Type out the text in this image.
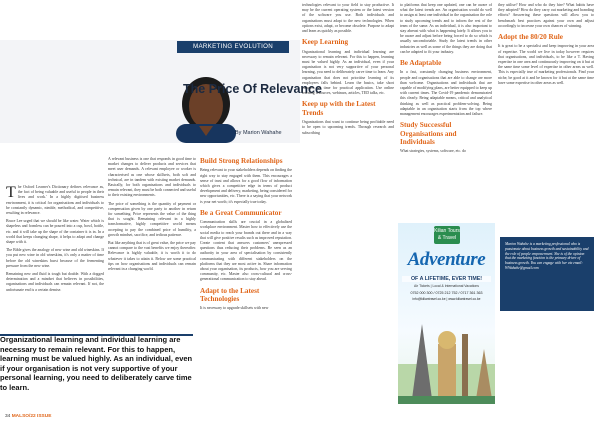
MARKETING EVOLUTION
The Price Of Relevance
By Marion Wahahe

The Oxford Learner's Dictionary defines relevance as, the fact of being valuable and useful to people in their lives and work.' In a highly digitised business environment, it is critical for organisations and individuals to be constantly dynamic, nimble, methodical, and competitive, resulting in relevance.

Bruce Lee urged that we should be like water. Water which is shapeless and formless can be poured into a cup, bowl, bottle, etc. and it will take up the shape of the container it is in. In a world that keeps changing shape, it helps to adapt and change shape with it.

The Bible gives the analogy of new wine and old wineskins. If you put new wine in old wineskins, it's only a matter of time before the old wineskins burst because of the fermenting pressure from the new wine.

Remaining new and fluid is tough but doable. With a dogged determination and a mindset that believes in possibilities, organisations and individuals can remain relevant. If not, the unfortunate end is a certain demise.

A relevant business is one that responds in good time to market changes to deliver products and services that meet user demands. A relevant employee or worker is characterised as one whose skillsets, both soft and technical, are in tandem with existing market demands. Basically, for both organisations and individuals to remain relevant, they must be both connected and useful to their existing environments.

The price of something is the quantity of payment or compensation given by one party to another in return for something. Price represents the value of the thing that is sought. Remaining relevant in a highly transformative, highly competitive world means accepting to pay the combined price of humility, a growth mindset, sacrifice, and tedious patience.

But like anything that is of great value, the price we pay cannot compare to the vast benefits we enjoy thereafter. Relevance is highly valuable, it is worth it to do whatever it takes to attain it. Below are some practical tips on how organisations and individuals can remain relevant in a changing world.

Build Strong Relationships

Being relevant to your stakeholders depends on finding the right way to stay engaged with them. This encourages a sense of trust and allows for a good flow of information which gives a competitive edge in terms of product development and delivery, marketing, being considered for new opportunities, etc. There is a saying that your network is your net worth; it's especially true today.

Be a Great Communicator

Communication skills are crucial in a globalised workplace environment. Master how to effectively use the social media to reach your brands out there and in a way that will give positive results such as improved reputation. Create content that answers customers' unexpressed questions thus reducing their problems. Be seen as an authority in your area of specialisation by consistently communicating with different stakeholders on the platforms that they are most active in. Share information about your organisation, its products, how you are serving community, etc. Master also cross-cultural and cross-generational communication to stay ahead.

Adapt to the Latest Technologies

It is necessary to upgrade skillsets with new

technologies relevant to your field to stay productive. It may be the current operating system or the latest version of the software you use. Both individuals and organisations must adapt to the new technologies. When options exist, adapt, or become obsolete. Purpose to adapt and learn as quickly as possible.

Keep Learning

Organisational learning and individual learning are necessary to remain relevant. For this to happen, learning must be valued highly. As an individual, even if your organisation is not very supportive of your personal learning, you need to deliberately carve time to learn. Any organisation that does not prioritise learning of its employees falls behind. Learn the basics, take short courses, set time for practical application. Use online learning resources, webinars, articles, TED talks, etc.

Keep up with the Latest Trends

Organisations that want to continue being profitable need to be open to upcoming trends. Through research and subscribing

to platforms that keep one updated, one can be aware of what the latest trends are. An organisation would do well to assign at least one individual in the organisation the role to study upcoming trends and to inform the rest of the team of the same. As an individual, it is also important to stay abreast with what is happening lately. It allows you to be aware and adjust before being forced to do so which is usually uncomfortable. Study the latest trends in other industries as well as some of the things they are doing that can be adapted to fit your industry.

Be Adaptable

In a fast, constantly changing business environment, people and organisations that are able to change are more than welcome. Organisations and individuals that are capable of modifying plans, are better equipped to keep up with current times. The Covid-19 pandemic demonstrated this clearly. Being adaptable means, critical and analytical thinking as well as practical problem-solving. Being adaptable in an organisation starts from the top where management encourages experimentation and failure.

Study Successful Organisations and Individuals

What strategies, systems, software, etc. do

they utilise? How and who do they hire? What habits have they adopted? How do they carry out marketing and branding efforts? Answering these questions will allow you to benchmark best practices against your own and adjust accordingly to increase your own chances of winning.

Adopt the 80/20 Rule

It is great to be a specialist and keep improving in your area of expertise. The world we live in today however requires that organisations, and individuals, to be like a T. Having expertise in one area and continuously improving on it but at the same time some level of expertise in other areas as well. This is especially true of marketing professionals. Find your niche, be good at it and be known for it but at the same time have some expertise in other areas as well.

Marion Wahahe is a marketing professional who is passionate about business growth and sustainability and the role of people empowerment. She is of the opinion that the marketing function is the primary driver of business growth. You can engage with her via email: WWahahe@gmail.com
Organizational learning and individual learning are necessary to remain relevant. For this to happen, learning must be valued highly. As an individual, even if your organisation is not very supportive of your personal learning, you need to deliberately carve time to learn.
Kilian Tours & Travel
Adventure
OF A LIFETIME, EVER TIME!
Air Tickets | Local & International Vacations
0752 000 300 / 0725 212 752 / 0717 361 363
info@kiliantravel.co.ke | www.kiliantravel.co.ke
34 MALSO/22 ISSUE
